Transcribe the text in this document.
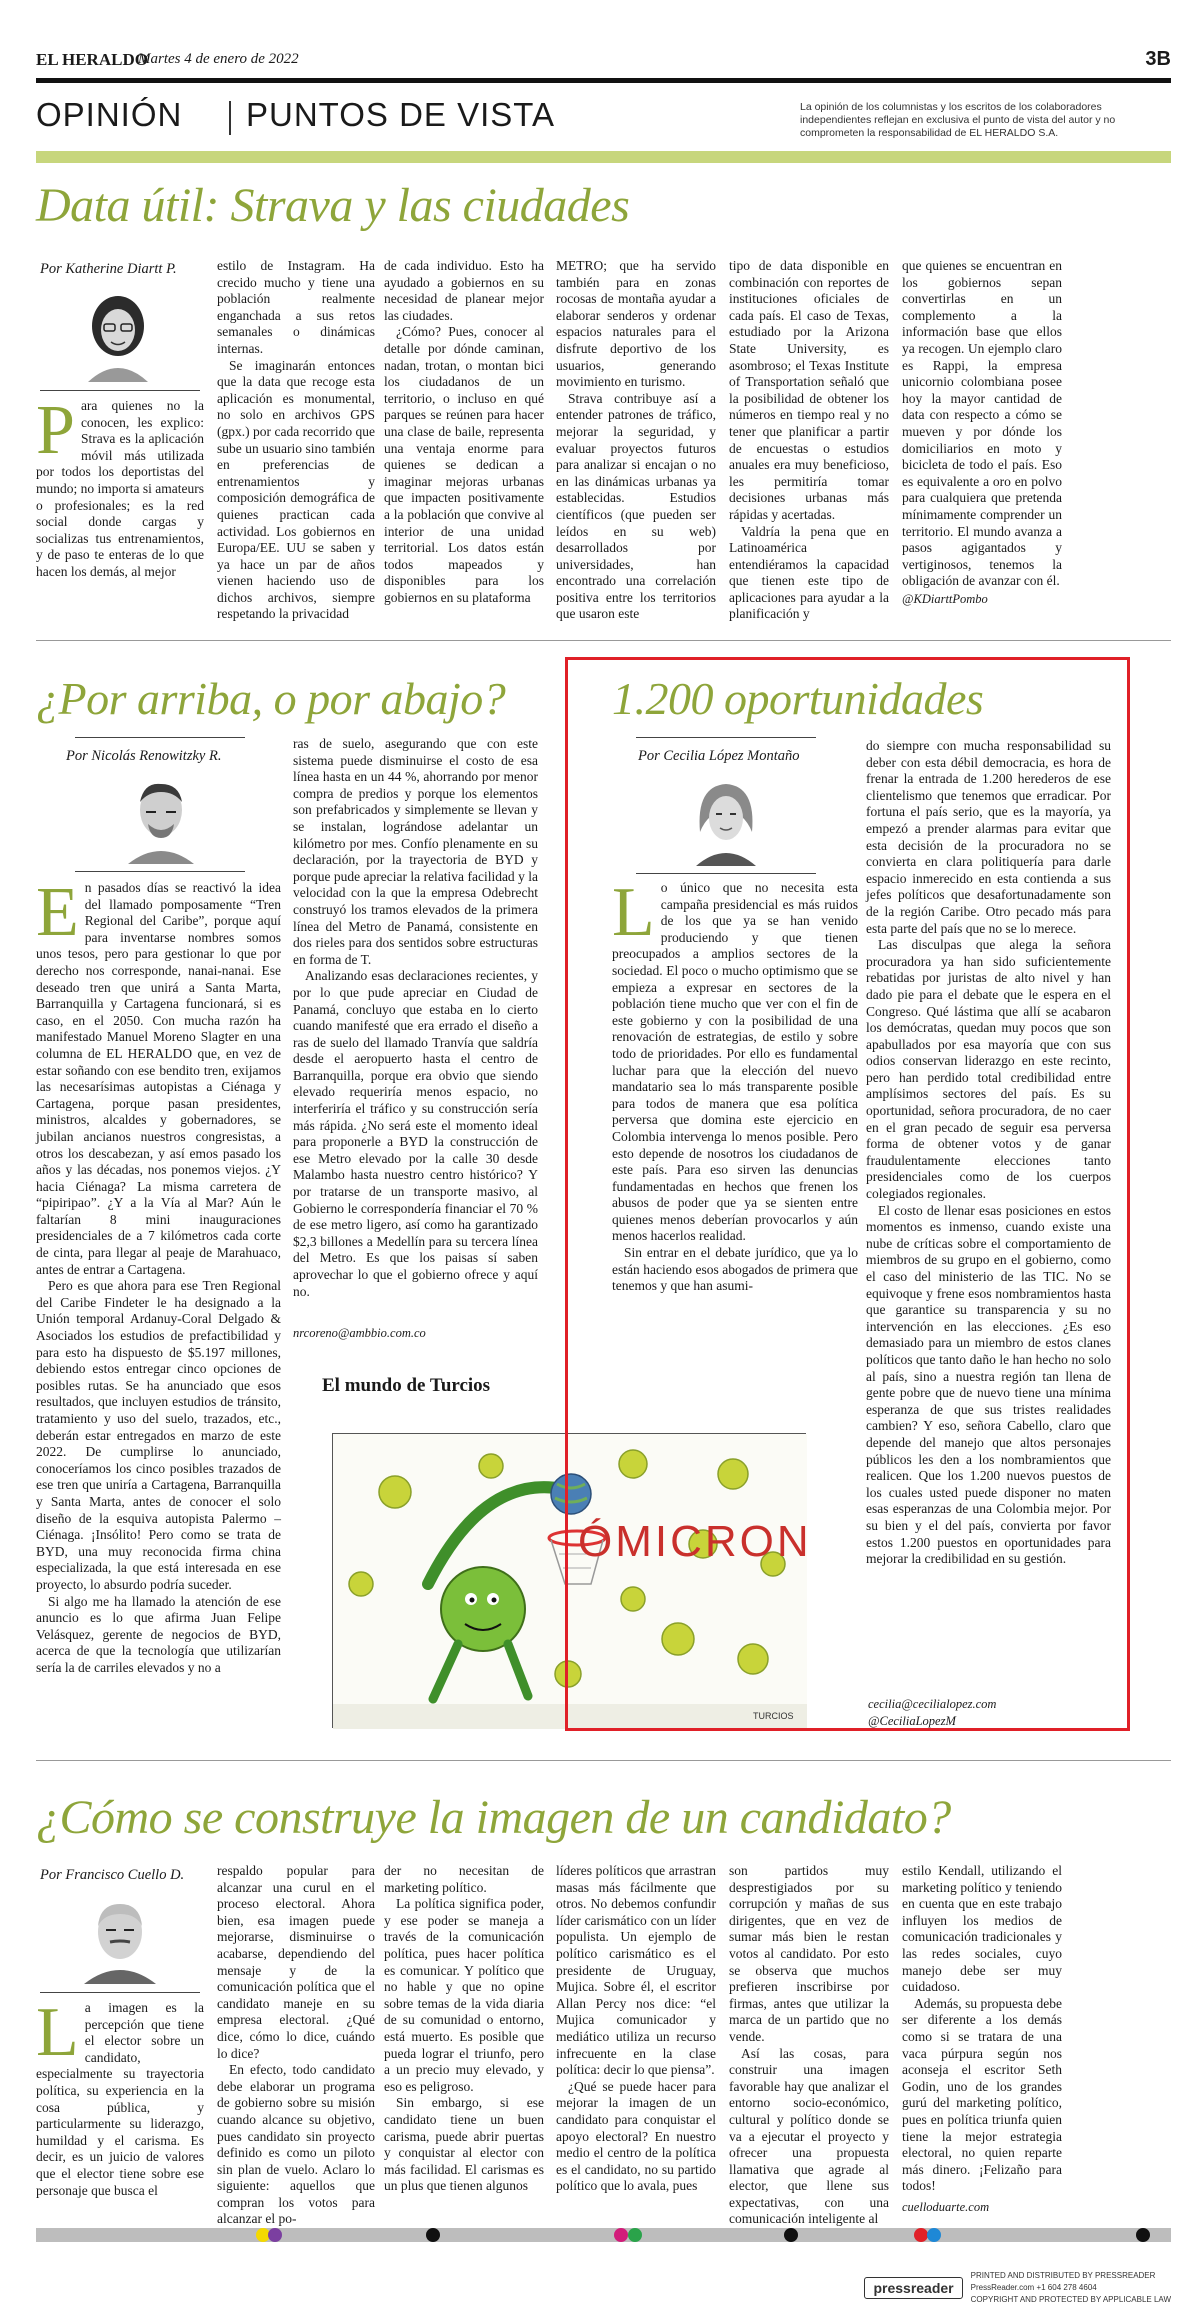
EL HERALDO
Martes 4 de enero de 2022	3B
OPINIÓN PUNTOS DE VISTA	La opinión de los columnistas y los escritos de los colaboradores independientes reflejan en exclusiva el punto de vista del autor y no comprometen la responsabilidad de EL HERALDO S.A.
Data útil: Strava y las ciudades
Por Katherine Diartt P.
P ara quienes no la conocen, les explico: Strava es la aplicación móvil más utilizada por todos los deportistas del mundo; no importa si amateurs o profesionales; es la red social donde cargas y socializas tus entrenamientos, y de paso te enteras de lo que hacen los demás, al mejor

estilo de Instagram. Ha crecido mucho y tiene una población realmente enganchada a sus retos semanales o dinámicas internas.

Se imaginarán entonces que la data que recoge esta aplicación es monumental, no solo en archivos GPS (gpx.) por cada recorrido que sube un usuario sino también en preferencias de entrenamientos y composición demográfica de quienes practican cada actividad. Los gobiernos en Europa/EE. UU se saben y ya hace un par de años vienen haciendo uso de dichos archivos, siempre respetando la privacidad

de cada individuo. Esto ha ayudado a gobiernos en su necesidad de planear mejor las ciudades.

¿Cómo? Pues, conocer al detalle por dónde caminan, nadan, trotan, o montan bici los ciudadanos de un territorio, o incluso en qué parques se reúnen para hacer una clase de baile, representa una ventaja enorme para quienes se dedican a imaginar mejoras urbanas que impacten positivamente a la población que convive al interior de una unidad territorial. Los datos están todos mapeados y disponibles para los gobiernos en su plataforma

METRO; que ha servido también para en zonas rocosas de montaña ayudar a elaborar senderos y ordenar espacios naturales para el disfrute deportivo de los usuarios, generando movimiento en turismo.

Strava contribuye así a entender patrones de tráfico, mejorar la seguridad, y evaluar proyectos futuros para analizar si encajan o no en las dinámicas urbanas ya establecidas. Estudios científicos (que pueden ser leídos en su web) desarrollados por universidades, han encontrado una correlación positiva entre los territorios que usaron este

tipo de data disponible en combinación con reportes de instituciones oficiales de cada país. El caso de Texas, estudiado por la Arizona State University, es asombroso; el Texas Institute of Transportation señaló que la posibilidad de obtener los números en tiempo real y no tener que planificar a partir de encuestas o estudios anuales era muy beneficioso, les permitiría tomar decisiones urbanas más rápidas y acertadas.

Valdría la pena que en Latinoamérica entendiéramos la capacidad que tienen este tipo de aplicaciones para ayudar a la planificación y

que quienes se encuentran en los gobiernos sepan convertirlas en un complemento a la información base que ellos ya recogen. Un ejemplo claro es Rappi, la empresa unicornio colombiana posee hoy la mayor cantidad de data con respecto a cómo se mueven y por dónde los domiciliarios en moto y bicicleta de todo el país. Eso es equivalente a oro en polvo para cualquiera que pretenda mínimamente comprender un territorio. El mundo avanza a pasos agigantados y vertiginosos, tenemos la obligación de avanzar con él.

@KDiarttPombo
¿Por arriba, o por abajo?
Por Nicolás Renowitzky R.
E n pasados días se reactivó la idea del llamado pomposamente “Tren Regional del Caribe”, porque aquí para inventarse nombres somos unos tesos, pero para gestionar lo que por derecho nos corresponde, nanai-nanai. Ese deseado tren que unirá a Santa Marta, Barranquilla y Cartagena funcionará, si es caso, en el 2050. Con mucha razón ha manifestado Manuel Moreno Slagter en una columna de EL HERALDO que, en vez de estar soñando con ese bendito tren, exijamos las necesarísimas autopistas a Ciénaga y Cartagena, porque pasan presidentes, ministros, alcaldes y gobernadores, se jubilan ancianos nuestros congresistas, a otros los descabezan, y así emos pasado los años y las décadas, nos ponemos viejos. ¿Y hacia Ciénaga? La misma carretera de “pipiripao”. ¿Y a la Vía al Mar? Aún le faltarían 8 mini inauguraciones presidenciales de a 7 kilómetros cada corte de cinta, para llegar al peaje de Marahuaco, antes de entrar a Cartagena.

Pero es que ahora para ese Tren Regional del Caribe Findeter le ha designado a la Unión temporal Ardanuy-Coral Delgado & Asociados los estudios de prefactibilidad y para esto ha dispuesto de $5.197 millones, debiendo estos entregar cinco opciones de posibles rutas. Se ha anunciado que esos resultados, que incluyen estudios de tránsito, tratamiento y uso del suelo, trazados, etc., deberán estar entregados en marzo de este 2022. De cumplirse lo anunciado, conoceríamos los cinco posibles trazados de ese tren que uniría a Cartagena, Barranquilla y Santa Marta, antes de conocer el solo diseño de la esquiva autopista Palermo – Ciénaga. ¡Insólito! Pero como se trata de BYD, una muy reconocida firma china especializada, la que está interesada en ese proyecto, lo absurdo podría suceder.

Si algo me ha llamado la atención de ese anuncio es lo que afirma Juan Felipe Velásquez, gerente de negocios de BYD, acerca de que la tecnología que utilizarían sería la de carriles elevados y no a

ras de suelo, asegurando que con este sistema puede disminuirse el costo de esa línea hasta en un 44 %, ahorrando por menor compra de predios y porque los elementos son prefabricados y simplemente se llevan y se instalan, lográndose adelantar un kilómetro por mes. Confío plenamente en su declaración, por la trayectoria de BYD y porque pude apreciar la relativa facilidad y la velocidad con la que la empresa Odebrecht construyó los tramos elevados de la primera línea del Metro de Panamá, consistente en dos rieles para dos sentidos sobre estructuras en forma de T.

Analizando esas declaraciones recientes, y por lo que pude apreciar en Ciudad de Panamá, concluyo que estaba en lo cierto cuando manifesté que era errado el diseño a ras de suelo del llamado Tranvía que saldría desde el aeropuerto hasta el centro de Barranquilla, porque era obvio que siendo elevado requeriría menos espacio, no interferiría el tráfico y su construcción sería más rápida. ¿No será este el momento ideal para proponerle a BYD la construcción de ese Metro elevado por la calle 30 desde Malambo hasta nuestro centro histórico? Y por tratarse de un transporte masivo, al Gobierno le correspondería financiar el 70 % de ese metro ligero, así como ha garantizado $2,3 billones a Medellín para su tercera línea del Metro. Es que los paisas sí saben aprovechar lo que el gobierno ofrece y aquí no.

nrcoreno@ambbio.com.co
El mundo de Turcios
ÓMICRON
TURCIOS
1.200 oportunidades
Por Cecilia López Montaño
L o único que no necesita esta campaña presidencial es más ruidos de los que ya se han venido produciendo y que tienen preocupados a amplios sectores de la sociedad. El poco o mucho optimismo que se empieza a expresar en sectores de la población tiene mucho que ver con el fin de este gobierno y con la posibilidad de una renovación de estrategias, de estilo y sobre todo de prioridades. Por ello es fundamental luchar para que la elección del nuevo mandatario sea lo más transparente posible para todos de manera que esa política perversa que domina este ejercicio en Colombia intervenga lo menos posible. Pero esto depende de nosotros los ciudadanos de este país. Para eso sirven las denuncias fundamentadas en hechos que frenen los abusos de poder que ya se sienten entre quienes menos deberían provocarlos y aún menos hacerlos realidad.

Sin entrar en el debate jurídico, que ya lo están haciendo esos abogados de primera que tenemos y que han asumi-

do siempre con mucha responsabilidad su deber con esta débil democracia, es hora de frenar la entrada de 1.200 herederos de ese clientelismo que tenemos que erradicar. Por fortuna el país serio, que es la mayoría, ya empezó a prender alarmas para evitar que esta decisión de la procuradora no se convierta en clara politiquería para darle espacio inmerecido en esta contienda a sus jefes políticos que desafortunadamente son de la región Caribe. Otro pecado más para esta parte del país que no se lo merece.

Las disculpas que alega la señora procuradora ya han sido suficientemente rebatidas por juristas de alto nivel y han dado pie para el debate que le espera en el Congreso. Qué lástima que allí se acabaron los demócratas, quedan muy pocos que son apabullados por esa mayoría que con sus odios conservan liderazgo en este recinto, pero han perdido total credibilidad entre amplísimos sectores del país. Es su oportunidad, señora procuradora, de no caer en el gran pecado de seguir esa perversa forma de obtener votos y de ganar fraudulentamente elecciones tanto presidenciales como de los cuerpos colegiados regionales.

El costo de llenar esas posiciones en estos momentos es inmenso, cuando existe una nube de críticas sobre el comportamiento de miembros de su grupo en el gobierno, como el caso del ministerio de las TIC. No se equivoque y frene esos nombramientos hasta que garantice su transparencia y su no intervención en las elecciones. ¿Es eso demasiado para un miembro de estos clanes políticos que tanto daño le han hecho no solo al país, sino a nuestra región tan llena de gente pobre que de nuevo tiene una mínima esperanza de que sus tristes realidades cambien? Y eso, señora Cabello, claro que depende del manejo que altos personajes públicos les den a los nombramientos que realicen. Que los 1.200 nuevos puestos de los cuales usted puede disponer no maten esas esperanzas de una Colombia mejor. Por su bien y el del país, convierta por favor estos 1.200 puestos en oportunidades para mejorar la credibilidad en su gestión.

cecilia@cecilialopez.com
@CeciliaLopezM
¿Cómo se construye la imagen de un candidato?
Por Francisco Cuello D.
L a imagen es la percepción que tiene el elector sobre un candidato, especialmente su trayectoria política, su experiencia en la cosa pública, y particularmente su liderazgo, humildad y el carisma. Es decir, es un juicio de valores que el elector tiene sobre ese personaje que busca el

respaldo popular para alcanzar una curul en el proceso electoral. Ahora bien, esa imagen puede mejorarse, disminuirse o acabarse, dependiendo del mensaje y de la comunicación política que el candidato maneje en su empresa electoral. ¿Qué dice, cómo lo dice, cuándo lo dice?

En efecto, todo candidato debe elaborar un programa de gobierno sobre su misión cuando alcance su objetivo, pues candidato sin proyecto definido es como un piloto sin plan de vuelo. Aclaro lo siguiente: aquellos que compran los votos para alcanzar el po-

der no necesitan de marketing político.

La política significa poder, y ese poder se maneja a través de la comunicación política, pues hacer política es comunicar. Y político que no hable y que no opine sobre temas de la vida diaria de su comunidad o entorno, está muerto. Es posible que pueda lograr el triunfo, pero a un precio muy elevado, y eso es peligroso.

Sin embargo, si ese candidato tiene un buen carisma, puede abrir puertas y conquistar al elector con más facilidad. El carismas es un plus que tienen algunos

líderes políticos que arrastran masas más fácilmente que otros. No debemos confundir líder carismático con un líder populista. Un ejemplo de político carismático es el presidente de Uruguay, Mujica. Sobre él, el escritor Allan Percy nos dice: “el Mujica comunicador y mediático utiliza un recurso infrecuente en la clase política: decir lo que piensa”.

¿Qué se puede hacer para mejorar la imagen de un candidato para conquistar el apoyo electoral? En nuestro medio el centro de la política es el candidato, no su partido político que lo avala, pues

son partidos muy desprestigiados por su corrupción y mañas de sus dirigentes, que en vez de sumar más bien le restan votos al candidato. Por esto se observa que muchos prefieren inscribirse por firmas, antes que utilizar la marca de un partido que no vende.

Así las cosas, para construir una imagen favorable hay que analizar el entorno socio-económico, cultural y político donde se va a ejecutar el proyecto y ofrecer una propuesta llamativa que agrade al elector, que llene sus expectativas, con una comunicación inteligente al

estilo Kendall, utilizando el marketing político y teniendo en cuenta que en este trabajo influyen los medios de comunicación tradicionales y las redes sociales, cuyo manejo debe ser muy cuidadoso.

Además, su propuesta debe ser diferente a los demás como si se tratara de una vaca púrpura según nos aconseja el escritor Seth Godin, uno de los grandes gurú del marketing político, pues en política triunfa quien tiene la mejor estrategia electoral, no quien reparte más dinero. ¡Felizaño para todos!

cuelloduarte.com
pressreader
PRINTED AND DISTRIBUTED BY PRESSREADER
PressReader.com +1 604 278 4604
COPYRIGHT AND PROTECTED BY APPLICABLE LAW
